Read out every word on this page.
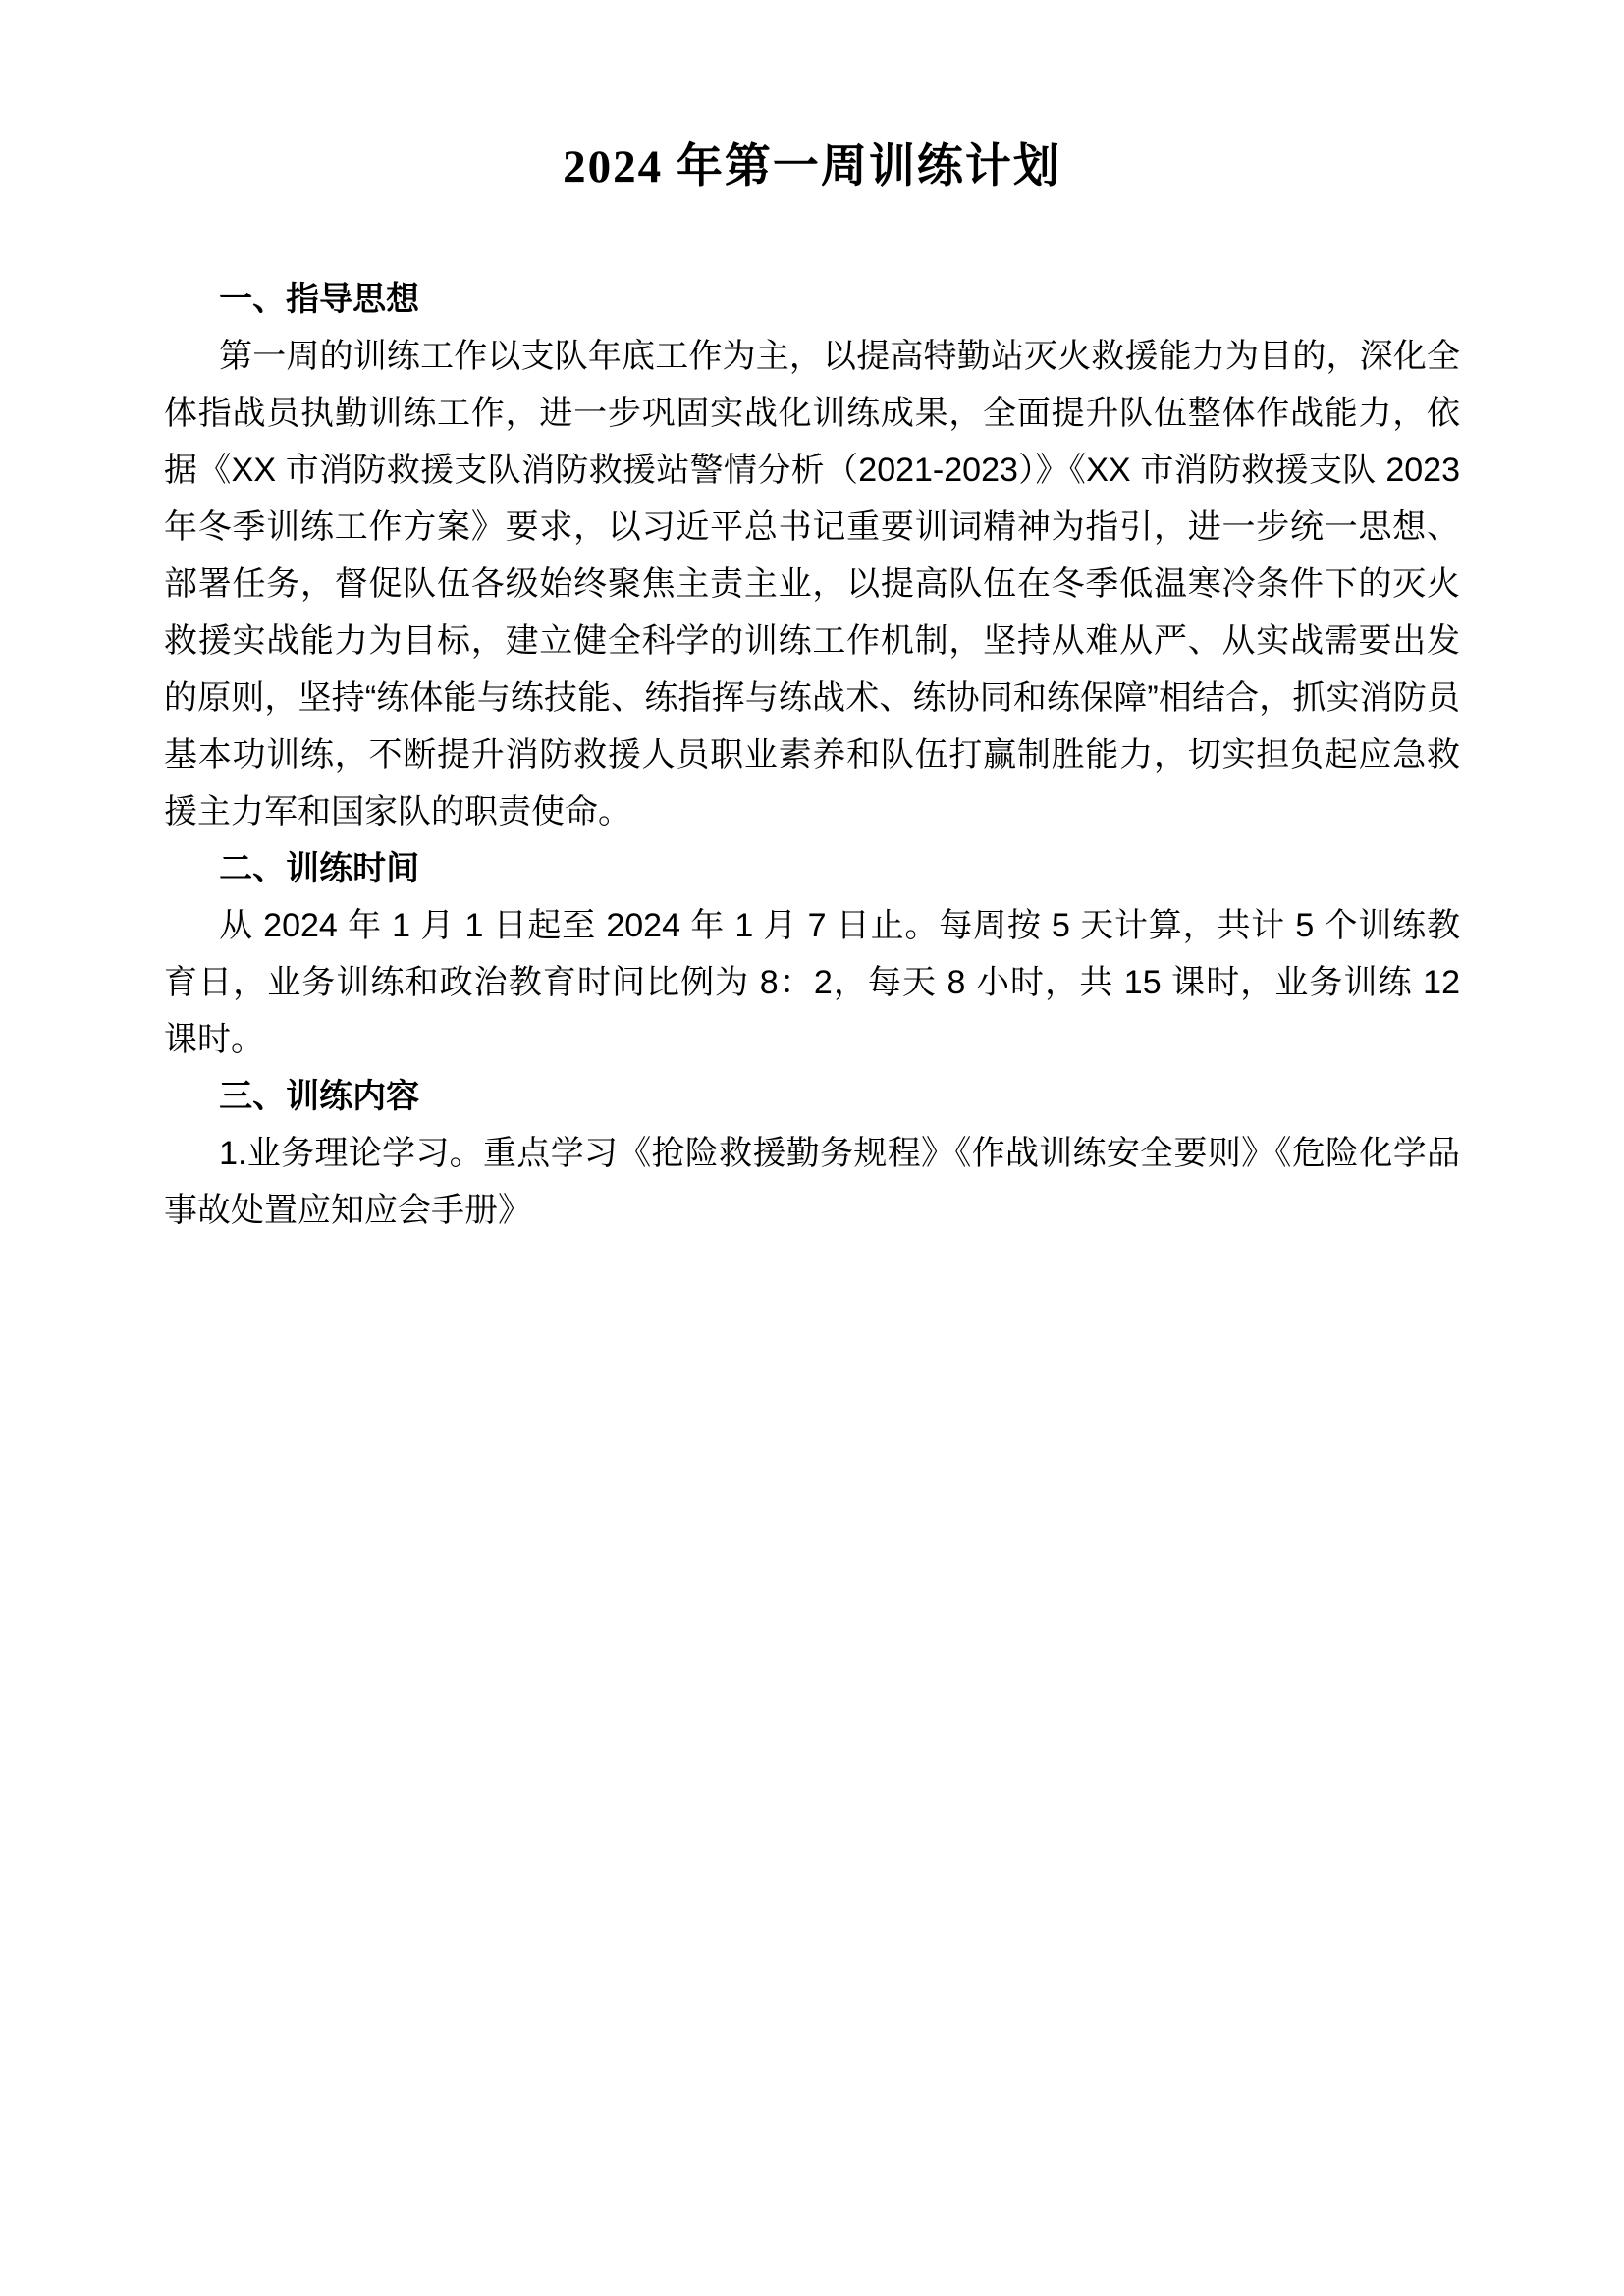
2024 年第一周训练计划
一、指导思想

第一周的训练工作以支队年底工作为主，以提高特勤站灭火救援能力为目的，深化全体指战员执勤训练工作，进一步巩固实战化训练成果，全面提升队伍整体作战能力，依据《XX 市消防救援支队消防救援站警情分析（2021-2023）》《XX 市消防救援支队 2023 年冬季训练工作方案》要求，以习近平总书记重要训词精神为指引，进一步统一思想、部署任务，督促队伍各级始终聚焦主责主业，以提高队伍在冬季低温寒冷条件下的灭火救援实战能力为目标，建立健全科学的训练工作机制，坚持从难从严、从实战需要出发的原则，坚持“练体能与练技能、练指挥与练战术、练协同和练保障”相结合，抓实消防员基本功训练，不断提升消防救援人员职业素养和队伍打赢制胜能力，切实担负起应急救援主力军和国家队的职责使命。

二、训练时间

从 2024 年 1 月 1 日起至 2024 年 1 月 7 日止。每周按 5 天计算，共计 5 个训练教育日，业务训练和政治教育时间比例为 8：2，每天 8 小时，共 15 课时，业务训练 12 课时。

三、训练内容

1.业务理论学习。重点学习《抢险救援勤务规程》《作战训练安全要则》《危险化学品事故处置应知应会手册》
